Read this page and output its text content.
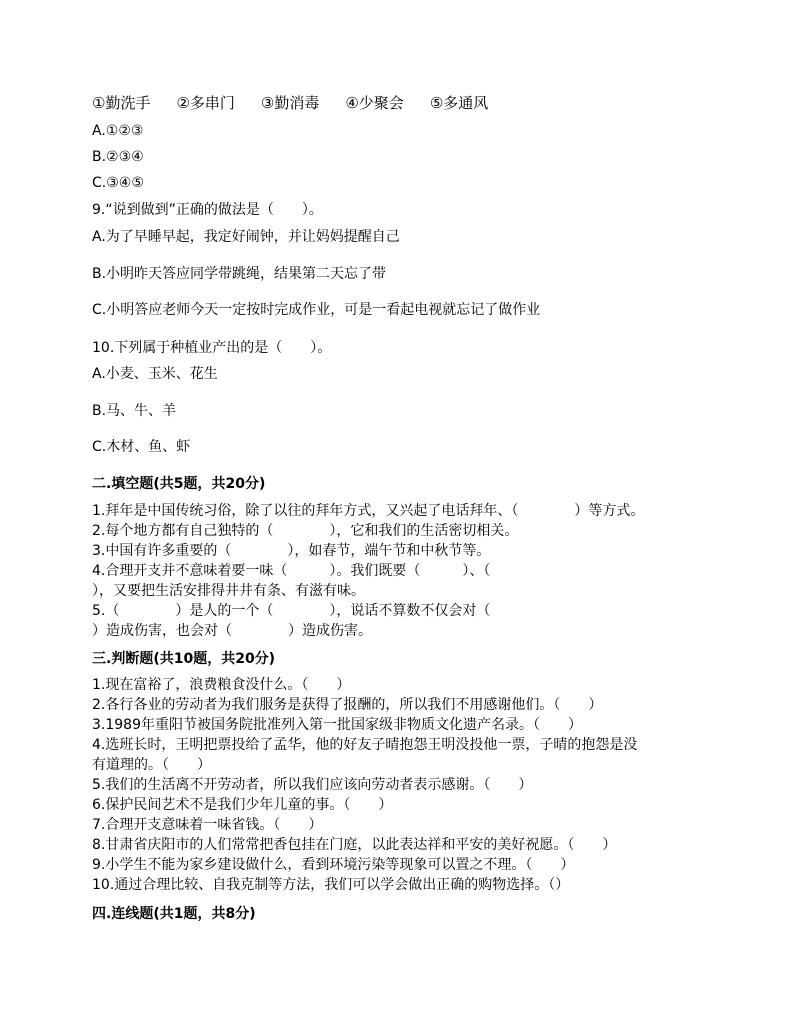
①勤洗手 ②多串门 ③勤消毒 ④少聚会 ⑤多通风
A.①②③
B.②③④
C.③④⑤
9.“说到做到”正确的做法是（　　）。
A.为了早睡早起，我定好闹钟，并让妈妈提醒自己
B.小明昨天答应同学带跳绳，结果第二天忘了带
C.小明答应老师今天一定按时完成作业，可是一看起电视就忘记了做作业
10.下列属于种植业产出的是（　　）。
A.小麦、玉米、花生
B.马、牛、羊
C.木材、鱼、虾
二.填空题(共5题，共20分)
1.拜年是中国传统习俗，除了以往的拜年方式，又兴起了电话拜年、（　　　　）等方式。
2.每个地方都有自己独特的（　　　　），它和我们的生活密切相关。
3.中国有许多重要的（　　　　），如春节，端午节和中秋节等。
4.合理开支并不意味着要一味（　　　）。我们既要（　　　）、（
），又要把生活安排得井井有条、有滋有味。
5.（　　　　）是人的一个（　　　　），说话不算数不仅会对（
）造成伤害，也会对（　　　　）造成伤害。
三.判断题(共10题，共20分)
1.现在富裕了，浪费粮食没什么。（　　）
2.各行各业的劳动者为我们服务是获得了报酬的，所以我们不用感谢他们。（　　）
3.1989年重阳节被国务院批准列入第一批国家级非物质文化遗产名录。（　　）
4.选班长时，王明把票投给了孟华，他的好友子晴抱怨王明没投他一票，子晴的抱怨是没
有道理的。（　　）
5.我们的生活离不开劳动者，所以我们应该向劳动者表示感谢。（　　）
6.保护民间艺术不是我们少年儿童的事。（　　）
7.合理开支意味着一味省钱。（　　）
8.甘肃省庆阳市的人们常常把香包挂在门庭，以此表达祥和平安的美好祝愿。（　　）
9.小学生不能为家乡建设做什么，看到环境污染等现象可以置之不理。（　　）
10.通过合理比较、自我克制等方法，我们可以学会做出正确的购物选择。（）
四.连线题(共1题，共8分)
